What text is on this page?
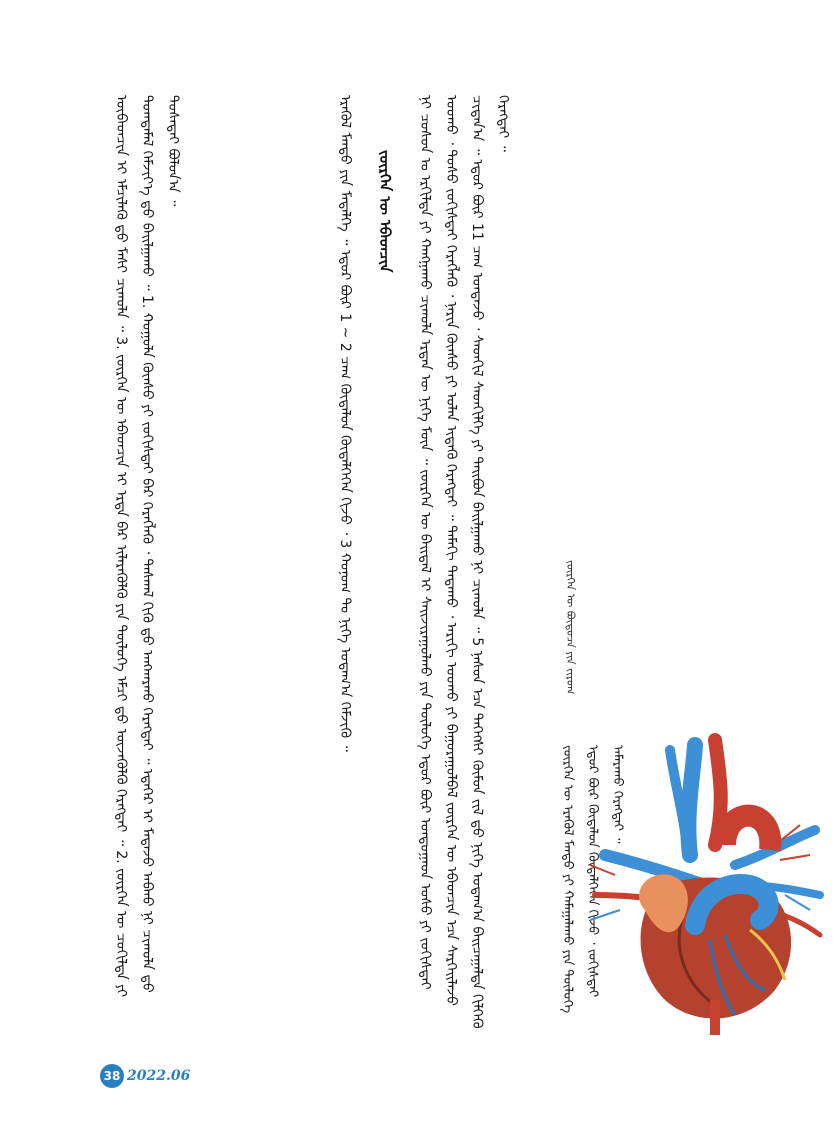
ᠦᠪᠡᠳᠴᠢᠨ ᠢ ᠡᠮᠴᠢᠯᠡᠬᠦ ᠳ᠋ᠤ ᠮᠠᠰᠢ ᠴᠢᠬᠤᠯᠠ ᠃ 3. ᠵᠦᠷᠬᠡᠨ ᠦ ᠡᠪᠡᠳᠴᠢᠨ ᠢ ᠡᠷᠲᠡ ᠪᠠᠷ ᠢᠯᠡᠷᠡᠬᠦᠯᠬᠦ ᠶᠢᠨ ᠲᠥᠯᠥᠭᠡ ᠡᠮᠴᠢ ᠳ᠋ᠤ ᠦᠵᠡᠭᠦᠯᠬᠦ ᠬᠡᠷᠡᠭᠲᠡᠢ ᠃ 2. ᠵᠦᠷᠬᠡᠨ ᠦ ᠴᠤᠬᠢᠯᠲᠠ ᠶᠢ ᠲᠣᠭᠲᠠᠮᠠᠯ ᠬᠡᠮᠵᠢᠶ᠎ᠡ ᠳ᠋ᠤ ᠪᠠᠢᠯᠭᠠᠬᠤ ᠃ 1. ᠬᠣᠭᠣᠯᠠ ᠬᠦᠨᠰᠦ ᠶᠢ ᠵᠣᠬᠢᠰᠲᠠᠢ ᠪᠠᠷ ᠬᠡᠷᠡᠭᠯᠡᠬᠦ ᠂ ᠳᠠᠰᠬᠠᠯ ᠬᠢᠬᠦ ᠳ᠋ᠤ ᠠᠩᠬᠠᠷᠬᠤ ᠬᠡᠷᠡᠭᠲᠡᠢ ᠃ ᠡᠳᠡᠭᠡᠷ ᠢ ᠮᠡᠳᠡᠵᠦ ᠠᠪᠬᠤ ᠨᠢ ᠴᠢᠬᠤᠯᠠ ᠳ᠋ᠤ ᠲᠤᠰᠠᠲᠠᠢ ᠪᠣᠯᠤᠨ᠎ᠠ ᠃	ᠡᠷᠡᠭᠦᠯ ᠮᠡᠨᠳᠦ ᠶᠢᠨ ᠮᠡᠳᠡᠯᠭᠡ ᠃ ᠡᠳᠦᠷ ᠪᠦᠷ 1 ~ 2 ᠴᠠᠭ ᠬᠥᠳᠡᠯᠦᠨ ᠬᠥᠳᠡᠯᠭᠡᠭᠡᠨ ᠬᠢᠵᠦ ᠂ 3 ᠬᠣᠨᠣᠭ ᠲᠤ ᠨᠢᠭᠡ ᠤᠳᠠᠭ᠎ᠠ ᠬᠡᠮᠵᠢᠬᠦ ᠃	ᠵᠦᠷᠬᠡᠨ ᠦ ᠡᠪᠡᠳᠴᠢᠨ	ᠨᠢ ᠴᠤᠰᠤᠨ ᠤ ᠡᠷᠭᠢᠯᠲᠡ ᠶᠢ ᠬᠠᠩᠭᠠᠬᠤ ᠴᠢᠬᠤᠯᠠ ᠡᠷᠲᠡᠨ ᠦ ᠨᠢᠭᠡ ᠮᠥᠨ ᠃ ᠵᠦᠷᠬᠡᠨ ᠦ ᠪᠠᠢᠳᠠᠯ ᠢ ᠰᠠᠢᠵᠢᠷᠠᠭᠤᠯᠬᠤ ᠶᠢᠨ ᠲᠥᠯᠥᠭᠡ ᠡᠳᠦᠷ ᠪᠦᠷ ᠤᠨᠳᠤᠭᠠᠳ ᠤᠰᠤ ᠶᠢ ᠵᠣᠬᠢᠰᠲᠠᠢ ᠤᠤᠬᠤ ᠂ ᠲᠣᠰᠣ ᠵᠣᠬᠢᠰᠲᠠᠢ ᠬᠡᠷᠡᠭᠯᠡᠬᠦ ᠂ ᠨᠠᠷᠢᠨ ᠬᠦᠨᠰᠦ ᠶᠢ ᠣᠯᠠᠨ ᠢᠳᠡᠬᠦ ᠬᠡᠷᠡᠭᠲᠡᠢ ᠃ ᠲᠠᠮᠠᠬᠢ ᠲᠠᠲᠠᠬᠤ ᠂ ᠠᠷᠢᠬᠢ ᠤᠤᠬᠤ ᠶᠢ ᠪᠠᠭᠤᠷᠠᠭᠤᠯᠪᠠᠯ ᠵᠦᠷᠬᠡᠨ ᠦ ᠡᠪᠡᠳᠴᠢᠨ ᠡᠴᠡ ᠰᠡᠷᠭᠡᠢᠯᠡᠵᠦ ᠴᠢᠳᠠᠨ᠎ᠠ ᠃ ᠡᠳᠦᠷ ᠪᠦᠷ 11 ᠴᠠᠭ ᠤᠨᠲᠠᠵᠤ ᠂ ᠰᠡᠳᠬᠢᠯ ᠰᠡᠳᠬᠢᠯᠭᠡ ᠶᠢ ᠲᠠᠢᠪᠤᠨ ᠪᠠᠢᠯᠭᠠᠬᠤ ᠨᠢ ᠴᠢᠬᠤᠯᠠ ᠃ 5 ᠨᠠᠰᠤᠨ ᠡᠴᠡ ᠳᠡᠭᠡᠭᠰᠢ ᠬᠦᠮᠦᠨ ᠵᠢᠯ ᠳ᠋ᠤ ᠨᠢᠭᠡ ᠤᠳᠠᠭ᠎ᠠ ᠪᠠᠢᠴᠠᠭᠠᠯᠲᠠ ᠬᠢᠯᠭᠡᠬᠦ ᠬᠡᠷᠡᠭᠲᠡᠢ ᠃
ᠵᠦᠷᠬᠡᠨ ᠦ ᠪᠦᠲᠦᠴᠡ ᠶᠢᠨ ᠵᠢᠷᠤᠭ
ᠵᠦᠷᠬᠡᠨ ᠦ ᠡᠷᠡᠭᠦᠯ ᠮᠡᠨᠳᠦ ᠶᠢ ᠬᠠᠮᠠᠭᠠᠯᠠᠬᠤ ᠶᠢᠨ ᠲᠥᠯᠥᠭᠡ ᠡᠳᠦᠷ ᠪᠦᠷ ᠬᠥᠳᠡᠯᠦᠨ ᠬᠥᠳᠡᠯᠭᠡᠭᠡᠨ ᠬᠢᠵᠦ ᠂ ᠵᠣᠬᠢᠰᠲᠠᠢ ᠠᠮᠠᠷᠠᠬᠤ ᠬᠡᠷᠡᠭᠲᠡᠢ ᠃
38 2022.06
